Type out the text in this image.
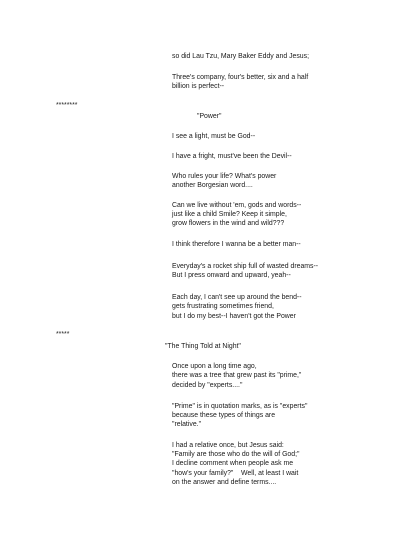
so did Lau Tzu, Mary Baker Eddy and Jesus;
Three's company, four's better, six and a half
billion is perfect--
********
"Power"
I see a light, must be God--
I have a fright, must've been the Devil--
Who rules your life? What's power
another Borgesian word....
Can we live without 'em, gods and words--
just like a child Smile? Keep it simple,
grow flowers in the wind and wild???
I think therefore I wanna be a better man--
Everyday's a rocket ship full of wasted dreams--
But I press onward and upward, yeah--
Each day, I can't see up around the bend--
gets frustrating sometimes friend,
but I do my best--I haven't got the Power
*****
"The Thing Told at Night"
Once upon a long time ago,
there was a tree that grew past its "prime,"
decided by "experts...."
"Prime" is in quotation marks, as is "experts"
because these types of things are
"relative."
I had a relative once, but Jesus said:
"Family are those who do the will of God;"
I decline comment when people ask me
"how's your family?"    Well, at least I wait
on the answer and define terms....
